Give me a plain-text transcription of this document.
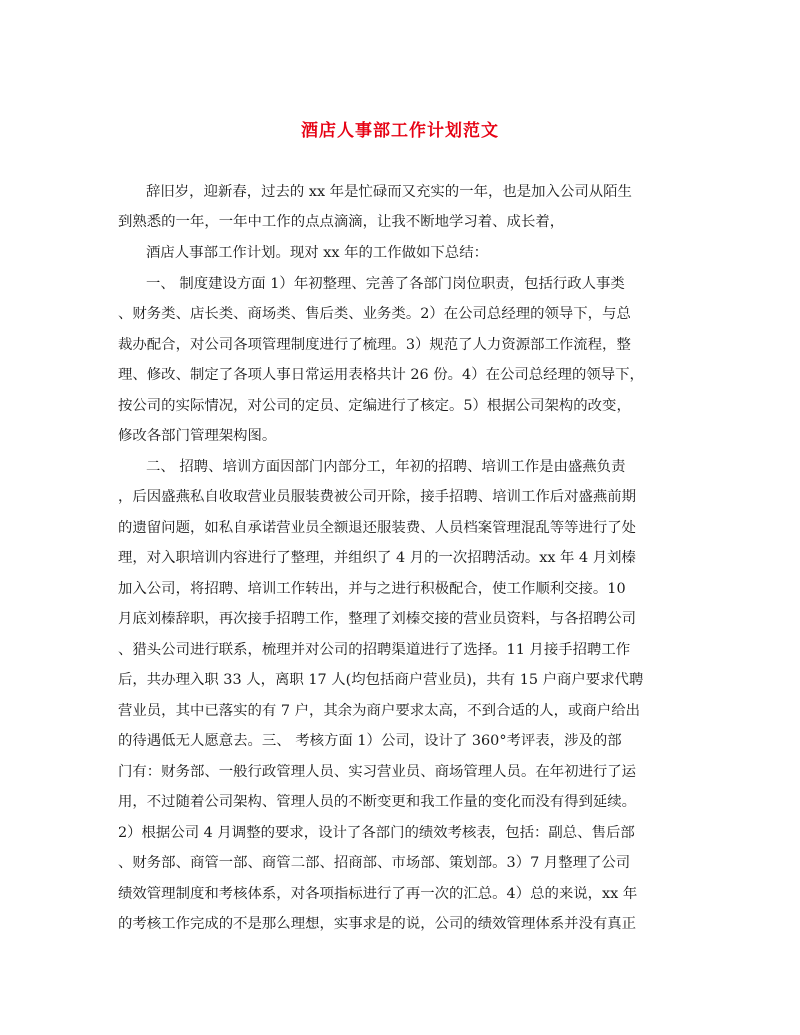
酒店人事部工作计划范文
辞旧岁，迎新春，过去的 xx 年是忙碌而又充实的一年，也是加入公司从陌生
到熟悉的一年，一年中工作的点点滴滴，让我不断地学习着、成长着，
酒店人事部工作计划。现对 xx 年的工作做如下总结：
一、 制度建设方面 1）年初整理、完善了各部门岗位职责，包括行政人事类
、财务类、店长类、商场类、售后类、业务类。2）在公司总经理的领导下，与总
裁办配合，对公司各项管理制度进行了梳理。3）规范了人力资源部工作流程，整
理、修改、制定了各项人事日常运用表格共计 26 份。4）在公司总经理的领导下，
按公司的实际情况，对公司的定员、定编进行了核定。5）根据公司架构的改变，
修改各部门管理架构图。
二、 招聘、培训方面因部门内部分工，年初的招聘、培训工作是由盛燕负责
，后因盛燕私自收取营业员服装费被公司开除，接手招聘、培训工作后对盛燕前期
的遗留问题，如私自承诺营业员全额退还服装费、人员档案管理混乱等等进行了处
理，对入职培训内容进行了整理，并组织了 4 月的一次招聘活动。xx 年 4 月刘榛
加入公司，将招聘、培训工作转出，并与之进行积极配合，使工作顺利交接。10
月底刘榛辞职，再次接手招聘工作，整理了刘榛交接的营业员资料，与各招聘公司
、猎头公司进行联系，梳理并对公司的招聘渠道进行了选择。11 月接手招聘工作
后，共办理入职 33 人，离职 17 人(均包括商户营业员)，共有 15 户商户要求代聘
营业员，其中已落实的有 7 户，其余为商户要求太高，不到合适的人，或商户给出
的待遇低无人愿意去。三、 考核方面 1）公司，设计了 360°考评表，涉及的部
门有：财务部、一般行政管理人员、实习营业员、商场管理人员。在年初进行了运
用，不过随着公司架构、管理人员的不断变更和我工作量的变化而没有得到延续。
2）根据公司 4 月调整的要求，设计了各部门的绩效考核表，包括：副总、售后部
、财务部、商管一部、商管二部、招商部、市场部、策划部。3）7 月整理了公司
绩效管理制度和考核体系，对各项指标进行了再一次的汇总。4）总的来说，xx 年
的考核工作完成的不是那么理想，实事求是的说，公司的绩效管理体系并没有真正
